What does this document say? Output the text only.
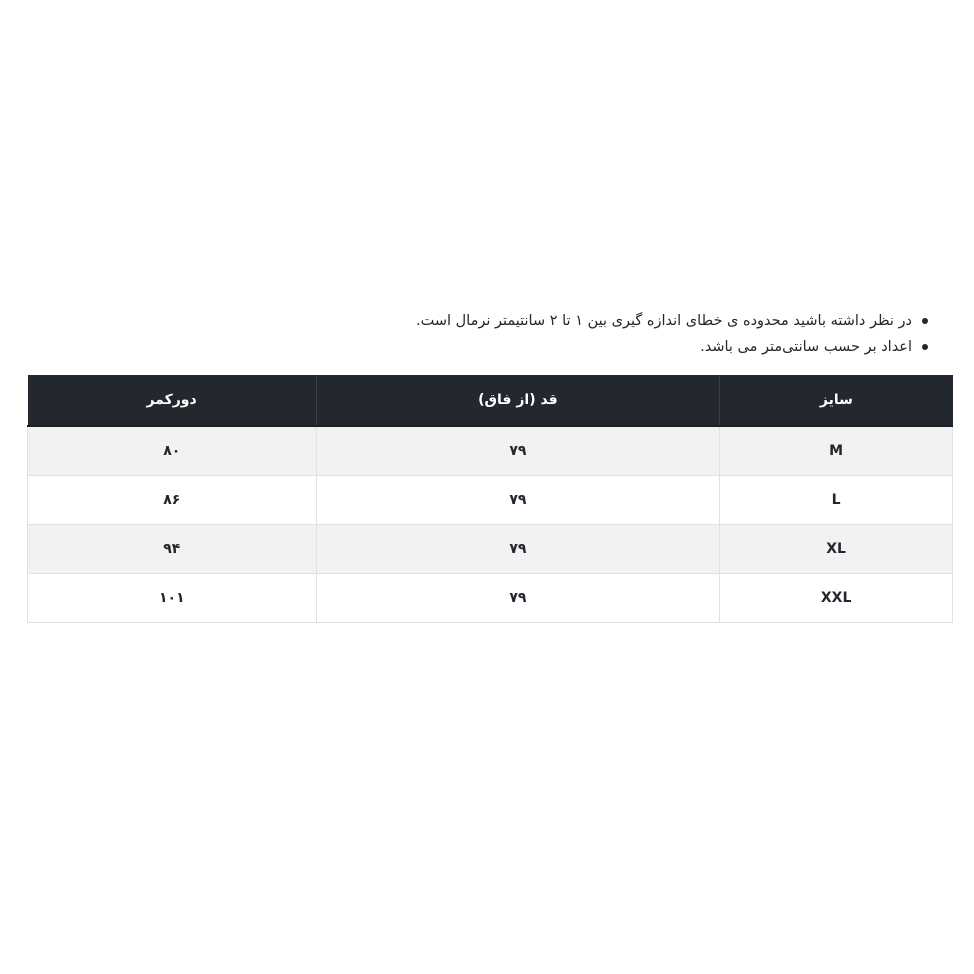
در نظر داشته باشید محدوده ی خطای اندازه گیری بین ۱ تا ۲ سانتیمتر نرمال است.
اعداد بر حسب سانتی‌متر می باشد.
سایز	قد (از فاق)	دورکمر
M	۷۹	۸۰
L	۷۹	۸۶
XL	۷۹	۹۴
XXL	۷۹	۱۰۱
